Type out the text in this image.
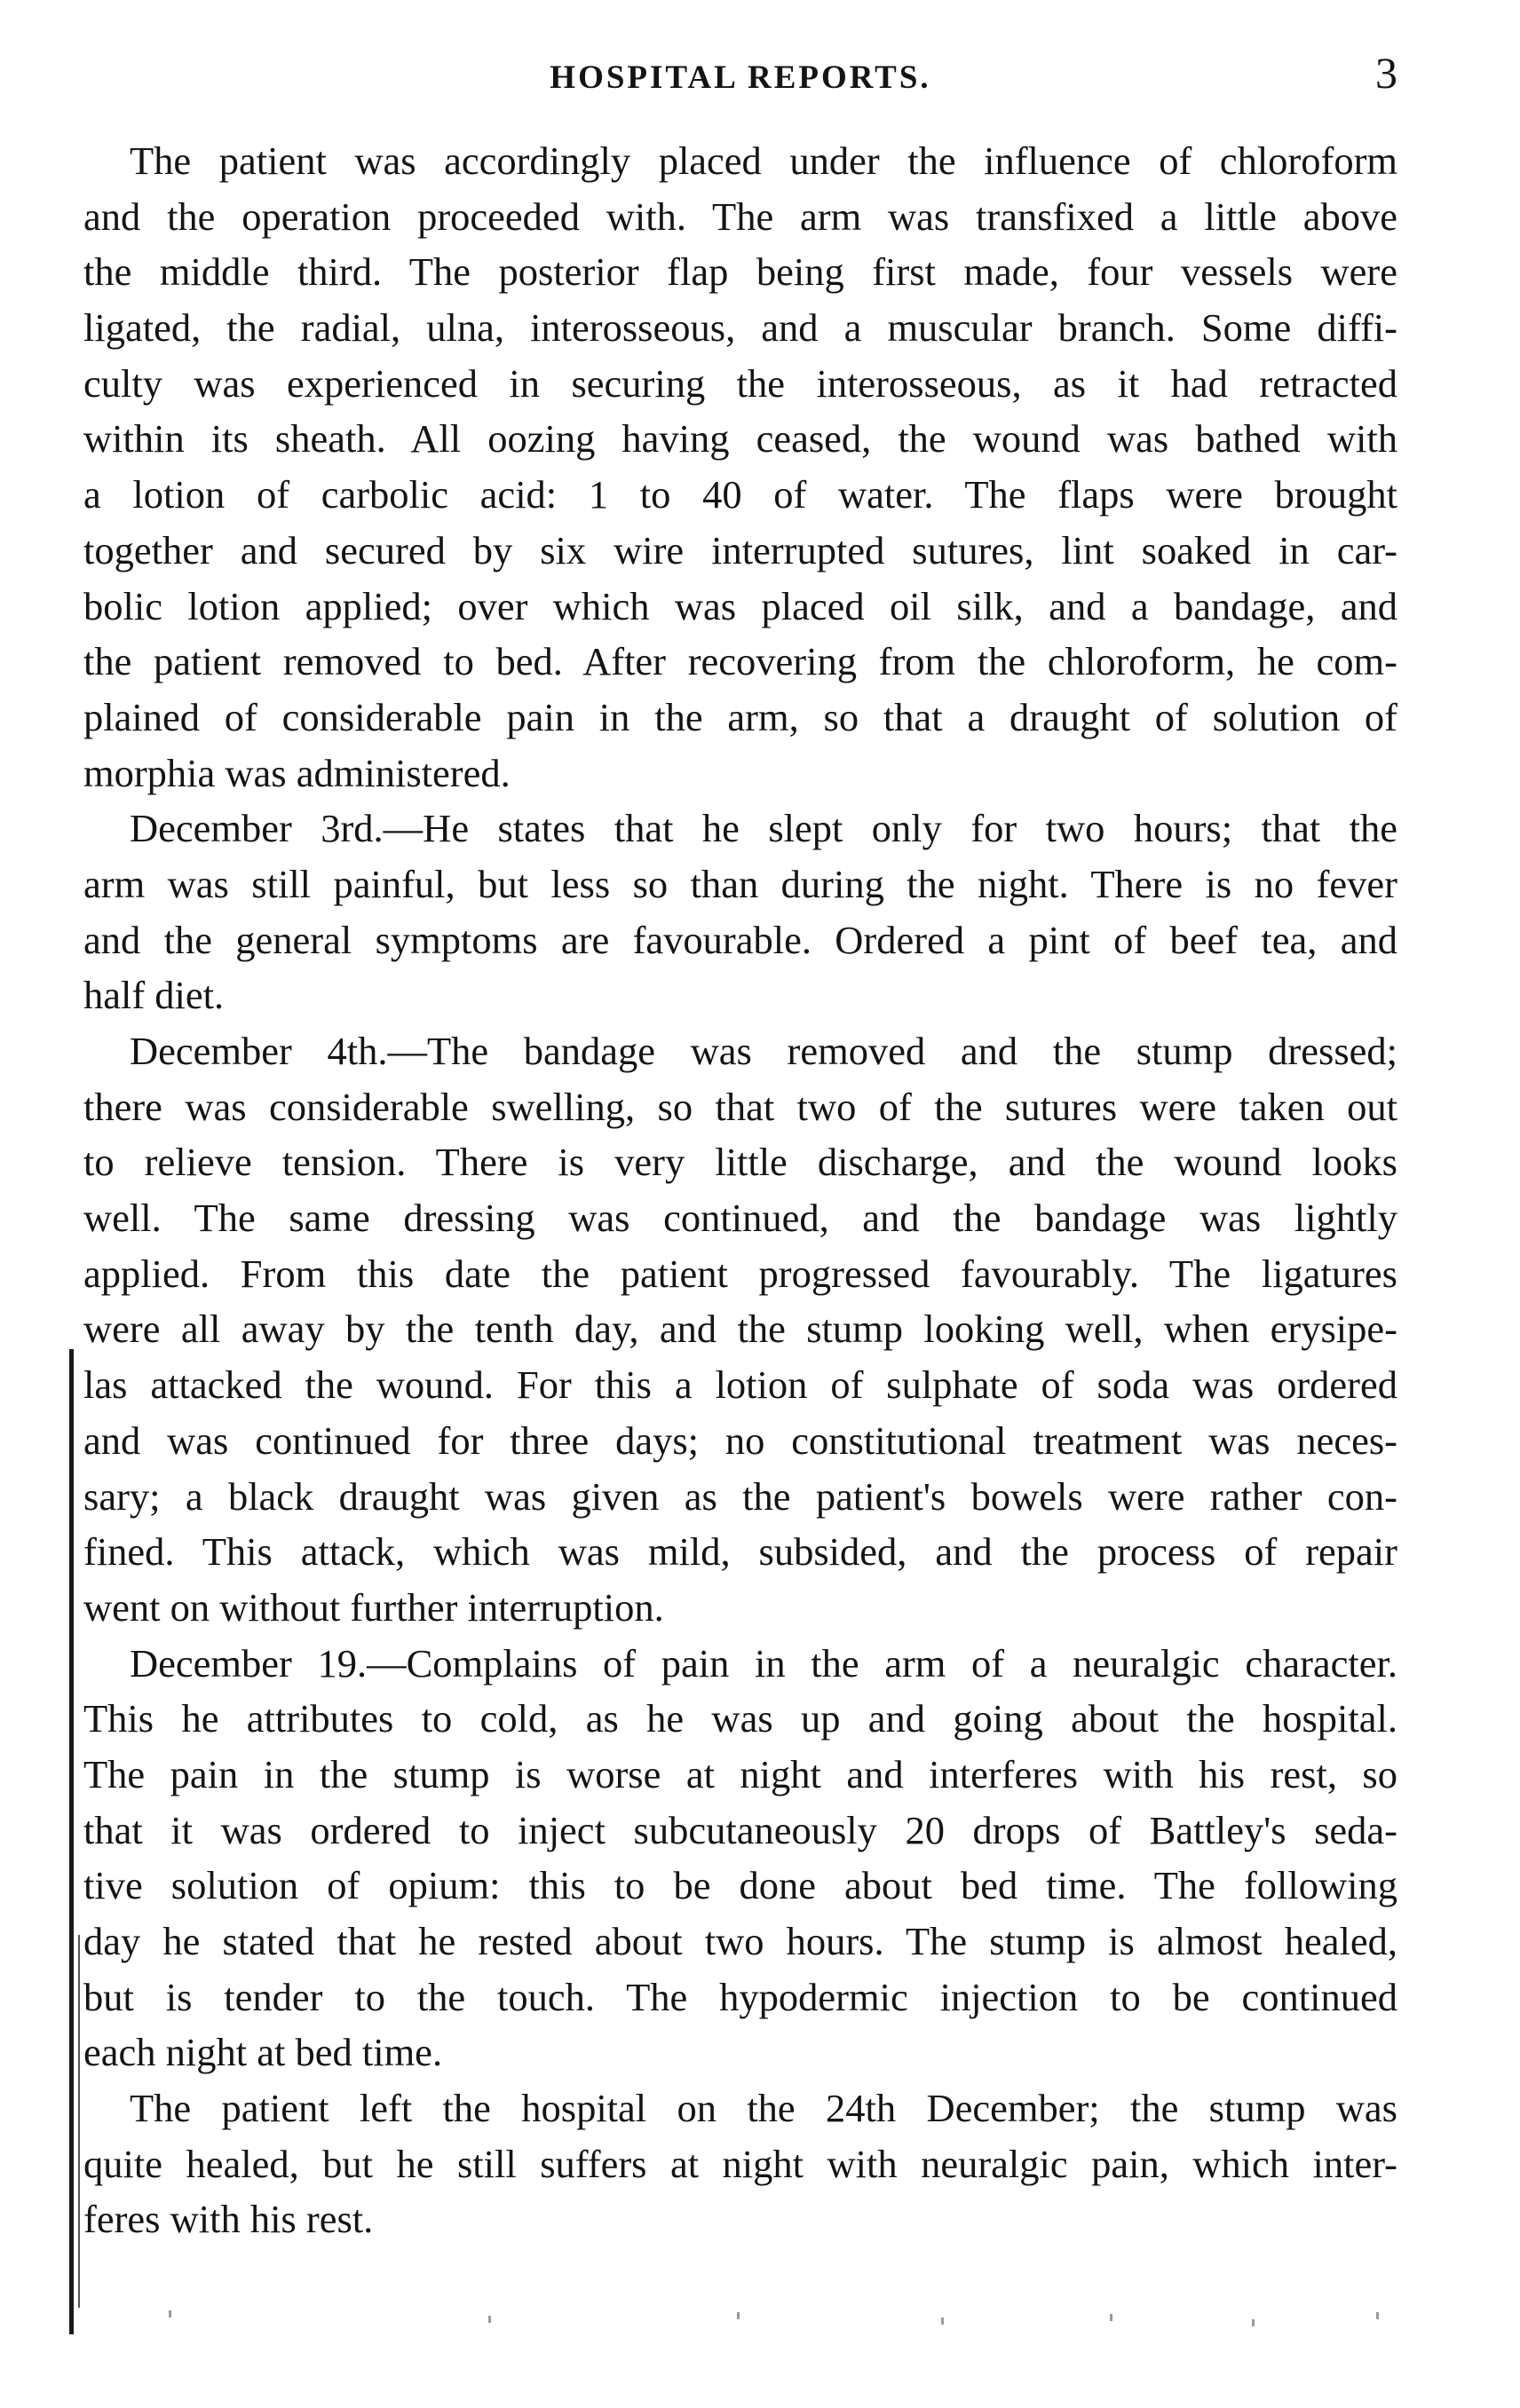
HOSPITAL REPORTS.	3
The patient was accordingly placed under the influence of chloroform
and the operation proceeded with. The arm was transfixed a little above
the middle third. The posterior flap being first made, four vessels were
ligated, the radial, ulna, interosseous, and a muscular branch. Some diffi-
culty was experienced in securing the interosseous, as it had retracted
within its sheath. All oozing having ceased, the wound was bathed with
a lotion of carbolic acid: 1 to 40 of water. The flaps were brought
together and secured by six wire interrupted sutures, lint soaked in car-
bolic lotion applied; over which was placed oil silk, and a bandage, and
the patient removed to bed. After recovering from the chloroform, he com-
plained of considerable pain in the arm, so that a draught of solution of
morphia was administered.
December 3rd.—He states that he slept only for two hours; that the
arm was still painful, but less so than during the night. There is no fever
and the general symptoms are favourable. Ordered a pint of beef tea, and
half diet.
December 4th.—The bandage was removed and the stump dressed;
there was considerable swelling, so that two of the sutures were taken out
to relieve tension. There is very little discharge, and the wound looks
well. The same dressing was continued, and the bandage was lightly
applied. From this date the patient progressed favourably. The ligatures
were all away by the tenth day, and the stump looking well, when erysipe-
las attacked the wound. For this a lotion of sulphate of soda was ordered
and was continued for three days; no constitutional treatment was neces-
sary; a black draught was given as the patient's bowels were rather con-
fined. This attack, which was mild, subsided, and the process of repair
went on without further interruption.
December 19.—Complains of pain in the arm of a neuralgic character.
This he attributes to cold, as he was up and going about the hospital.
The pain in the stump is worse at night and interferes with his rest, so
that it was ordered to inject subcutaneously 20 drops of Battley's seda-
tive solution of opium: this to be done about bed time. The following
day he stated that he rested about two hours. The stump is almost healed,
but is tender to the touch. The hypodermic injection to be continued
each night at bed time.
The patient left the hospital on the 24th December; the stump was
quite healed, but he still suffers at night with neuralgic pain, which inter-
feres with his rest.
